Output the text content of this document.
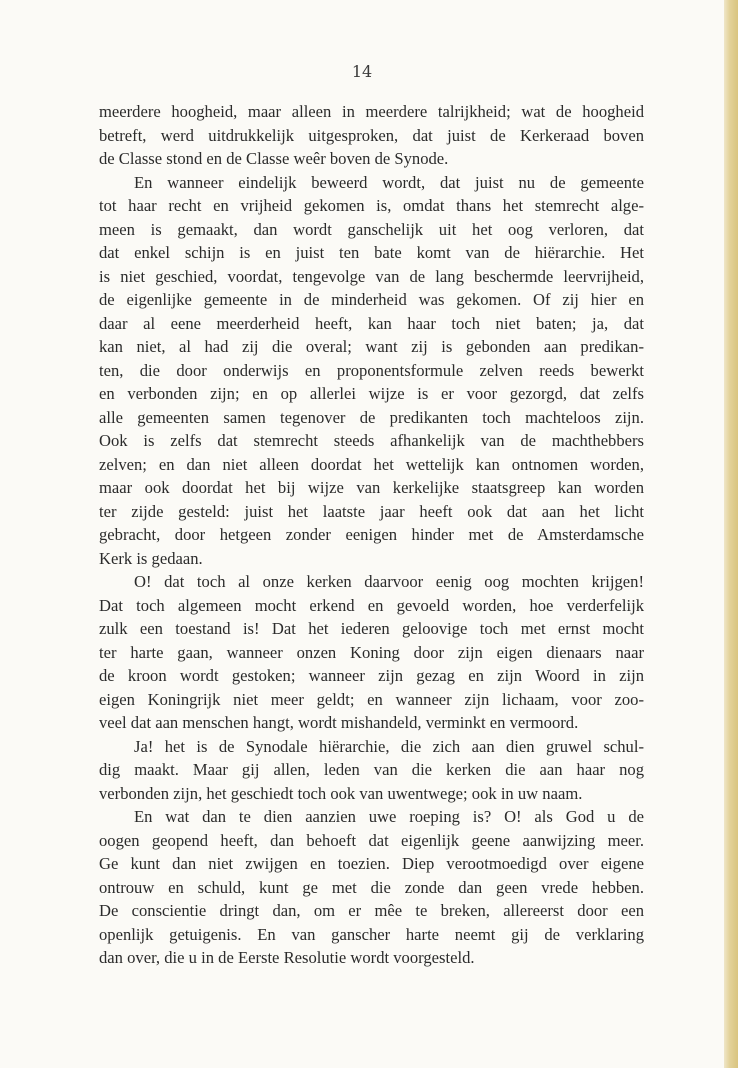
14
meerdere hoogheid, maar alleen in meerdere talrijkheid; wat de hoogheid
betreft, werd uitdrukkelijk uitgesproken, dat juist de Kerkeraad boven
de Classe stond en de Classe weêr boven de Synode.
En wanneer eindelijk beweerd wordt, dat juist nu de gemeente
tot haar recht en vrijheid gekomen is, omdat thans het stemrecht alge-
meen is gemaakt, dan wordt ganschelijk uit het oog verloren, dat
dat enkel schijn is en juist ten bate komt van de hiërarchie. Het
is niet geschied, voordat, tengevolge van de lang beschermde leervrijheid,
de eigenlijke gemeente in de minderheid was gekomen. Of zij hier en
daar al eene meerderheid heeft, kan haar toch niet baten; ja, dat
kan niet, al had zij die overal; want zij is gebonden aan predikan-
ten, die door onderwijs en proponentsformule zelven reeds bewerkt
en verbonden zijn; en op allerlei wijze is er voor gezorgd, dat zelfs
alle gemeenten samen tegenover de predikanten toch machteloos zijn.
Ook is zelfs dat stemrecht steeds afhankelijk van de machthebbers
zelven; en dan niet alleen doordat het wettelijk kan ontnomen worden,
maar ook doordat het bij wijze van kerkelijke staatsgreep kan worden
ter zijde gesteld: juist het laatste jaar heeft ook dat aan het licht
gebracht, door hetgeen zonder eenigen hinder met de Amsterdamsche
Kerk is gedaan.
O! dat toch al onze kerken daarvoor eenig oog mochten krijgen!
Dat toch algemeen mocht erkend en gevoeld worden, hoe verderfelijk
zulk een toestand is! Dat het iederen geloovige toch met ernst mocht
ter harte gaan, wanneer onzen Koning door zijn eigen dienaars naar
de kroon wordt gestoken; wanneer zijn gezag en zijn Woord in zijn
eigen Koningrijk niet meer geldt; en wanneer zijn lichaam, voor zoo-
veel dat aan menschen hangt, wordt mishandeld, verminkt en vermoord.
Ja! het is de Synodale hiërarchie, die zich aan dien gruwel schul-
dig maakt. Maar gij allen, leden van die kerken die aan haar nog
verbonden zijn, het geschiedt toch ook van uwentwege; ook in uw naam.
En wat dan te dien aanzien uwe roeping is? O! als God u de
oogen geopend heeft, dan behoeft dat eigenlijk geene aanwijzing meer.
Ge kunt dan niet zwijgen en toezien. Diep verootmoedigd over eigene
ontrouw en schuld, kunt ge met die zonde dan geen vrede hebben.
De conscientie dringt dan, om er mêe te breken, allereerst door een
openlijk getuigenis. En van ganscher harte neemt gij de verklaring
dan over, die u in de Eerste Resolutie wordt voorgesteld.
